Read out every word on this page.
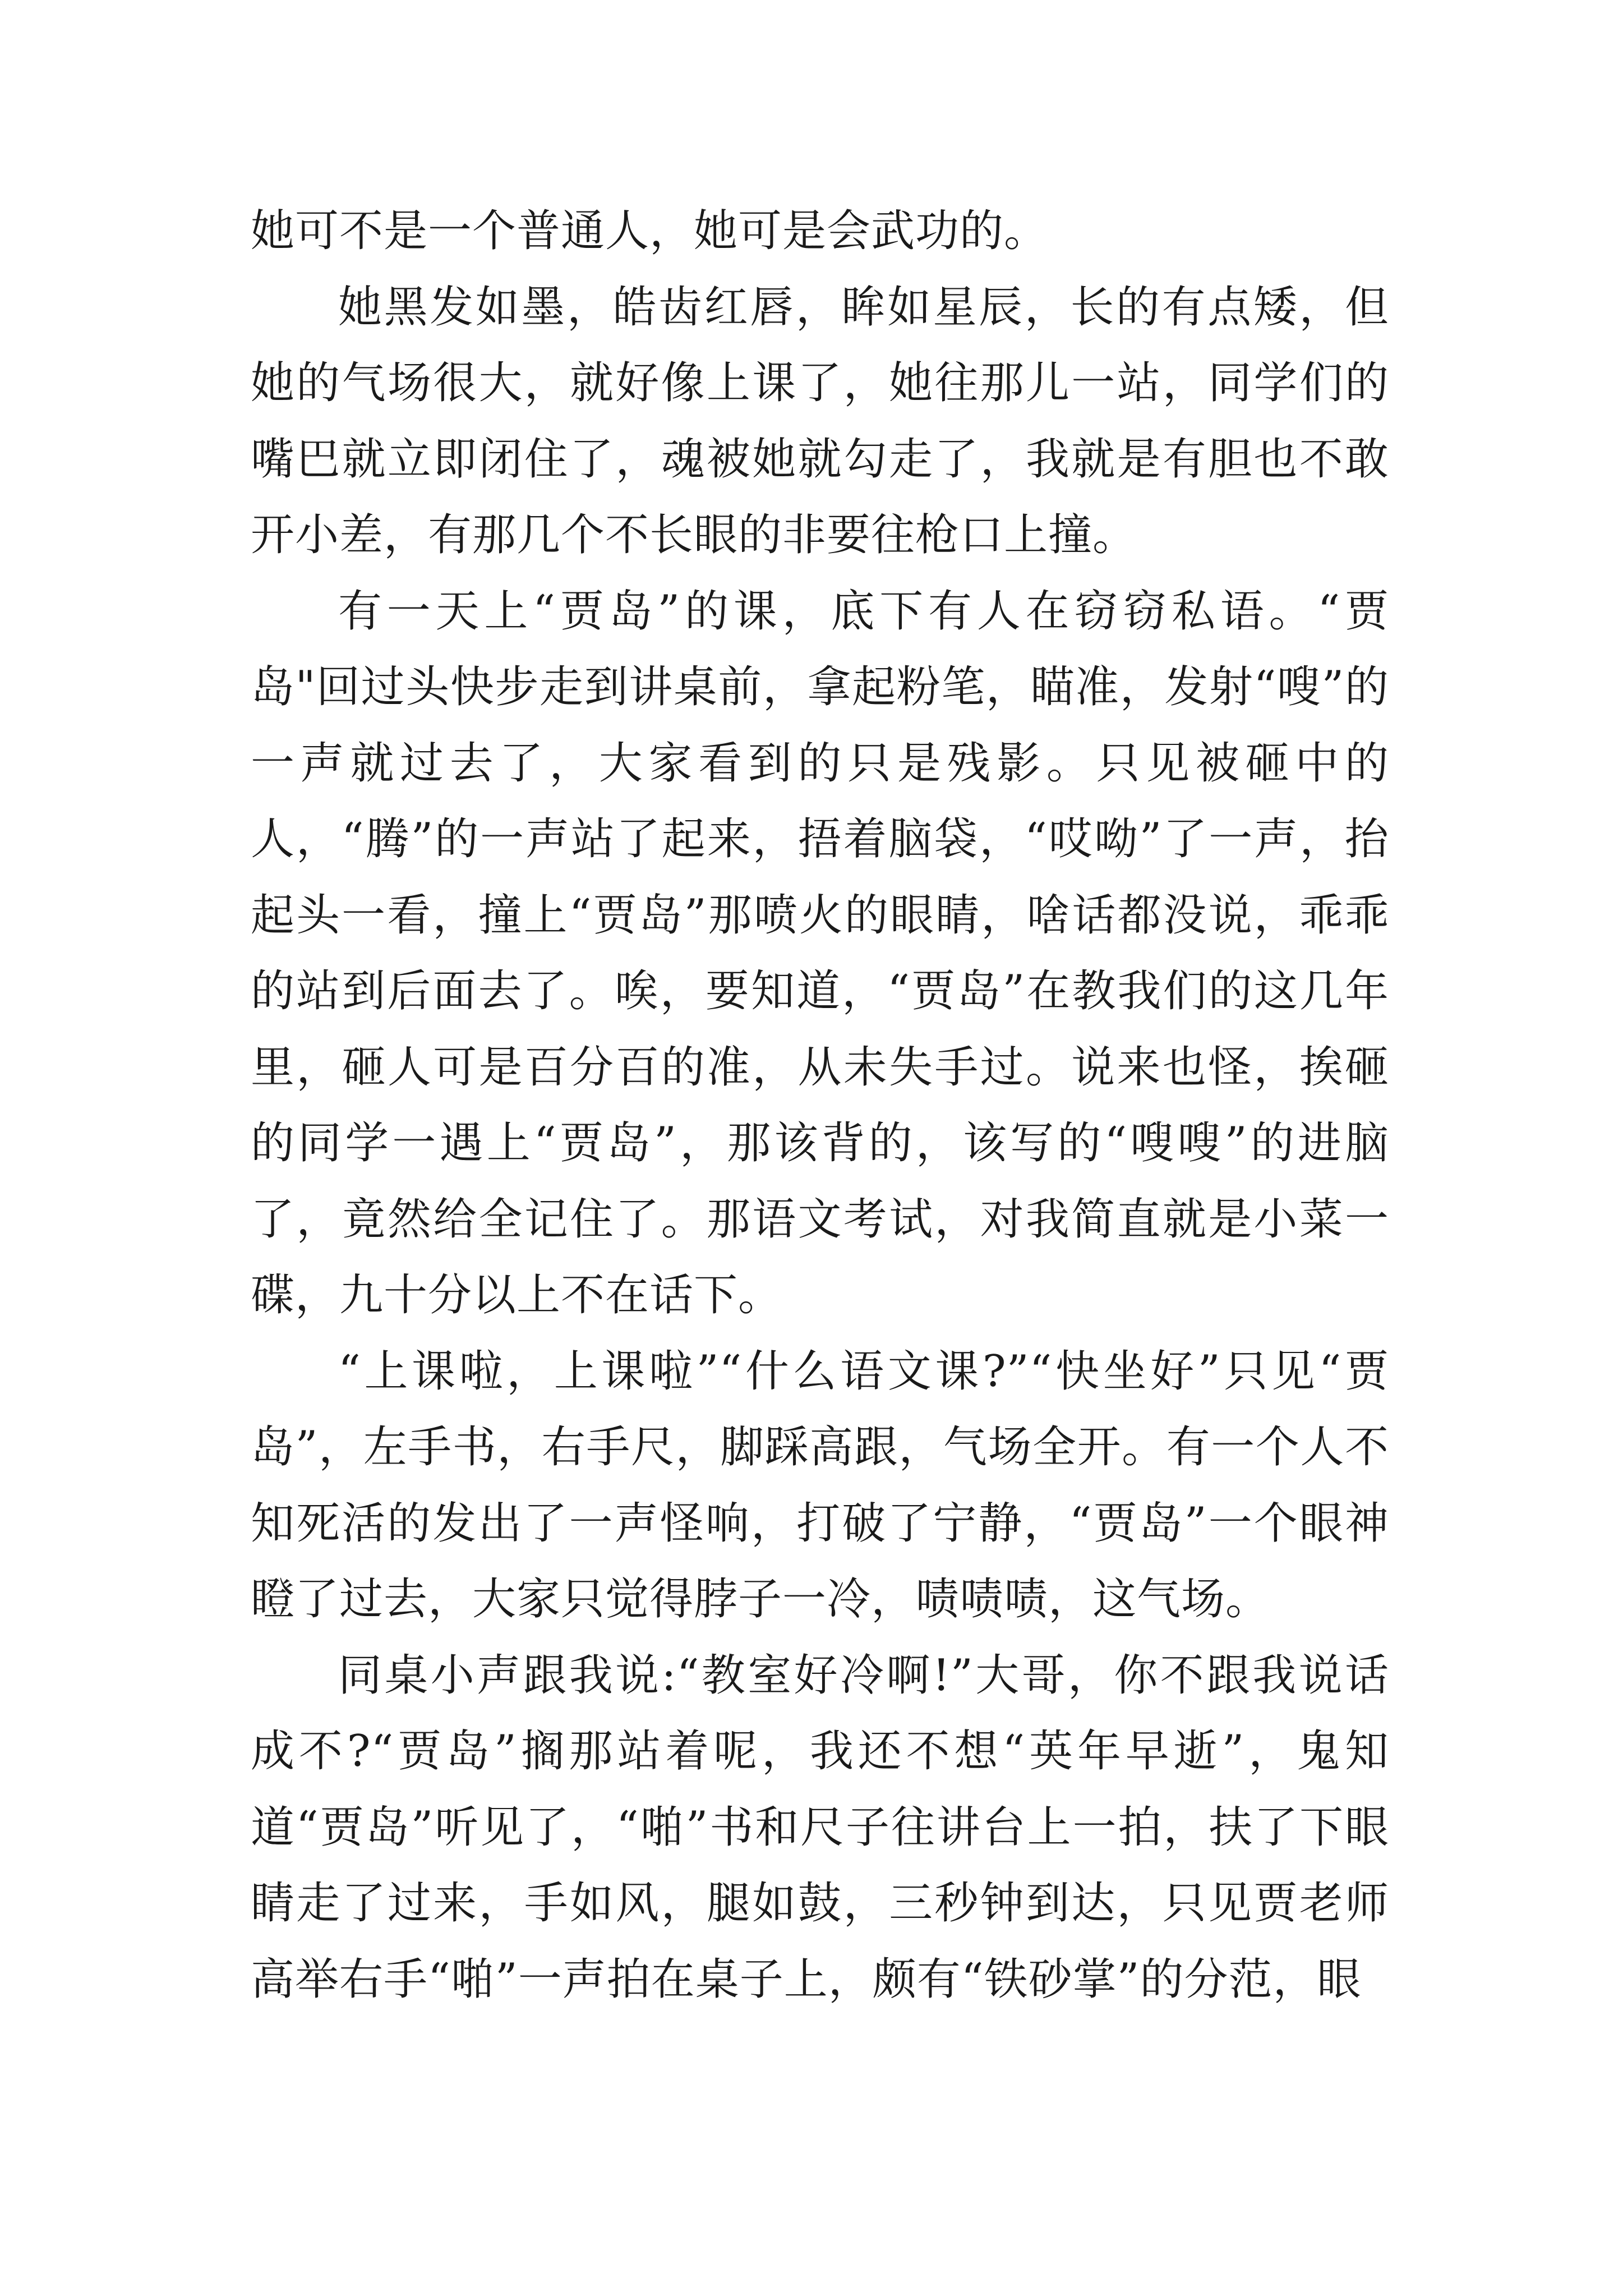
她可不是一个普通人，她可是会武功的。

她黑发如墨，皓齿红唇，眸如星辰，长的有点矮，但她的气场很大，就好像上课了，她往那儿一站，同学们的嘴巴就立即闭住了，魂被她就勾走了，我就是有胆也不敢开小差，有那几个不长眼的非要往枪口上撞。

有一天上“贾岛”的课，底下有人在窃窃私语。“贾岛"回过头快步走到讲桌前，拿起粉笔，瞄准，发射“嗖”的一声就过去了，大家看到的只是残影。只见被砸中的人，“腾”的一声站了起来，捂着脑袋，“哎呦”了一声，抬起头一看，撞上“贾岛”那喷火的眼睛，啥话都没说，乖乖的站到后面去了。唉，要知道，“贾岛”在教我们的这几年里，砸人可是百分百的准，从未失手过。说来也怪，挨砸的同学一遇上“贾岛”，那该背的，该写的“嗖嗖”的进脑了，竟然给全记住了。那语文考试，对我简直就是小菜一碟，九十分以上不在话下。

“上课啦，上课啦”“什么语文课?”“快坐好”只见“贾岛”，左手书，右手尺，脚踩高跟，气场全开。有一个人不知死活的发出了一声怪响，打破了宁静，“贾岛”一个眼神瞪了过去，大家只觉得脖子一冷，啧啧啧，这气场。

同桌小声跟我说:“教室好冷啊!”大哥，你不跟我说话成不?“贾岛”搁那站着呢，我还不想“英年早逝”，鬼知道“贾岛”听见了，“啪”书和尺子往讲台上一拍，扶了下眼睛走了过来，手如风，腿如鼓，三秒钟到达，只见贾老师高举右手“啪”一声拍在桌子上，颇有“铁砂掌”的分范，眼
